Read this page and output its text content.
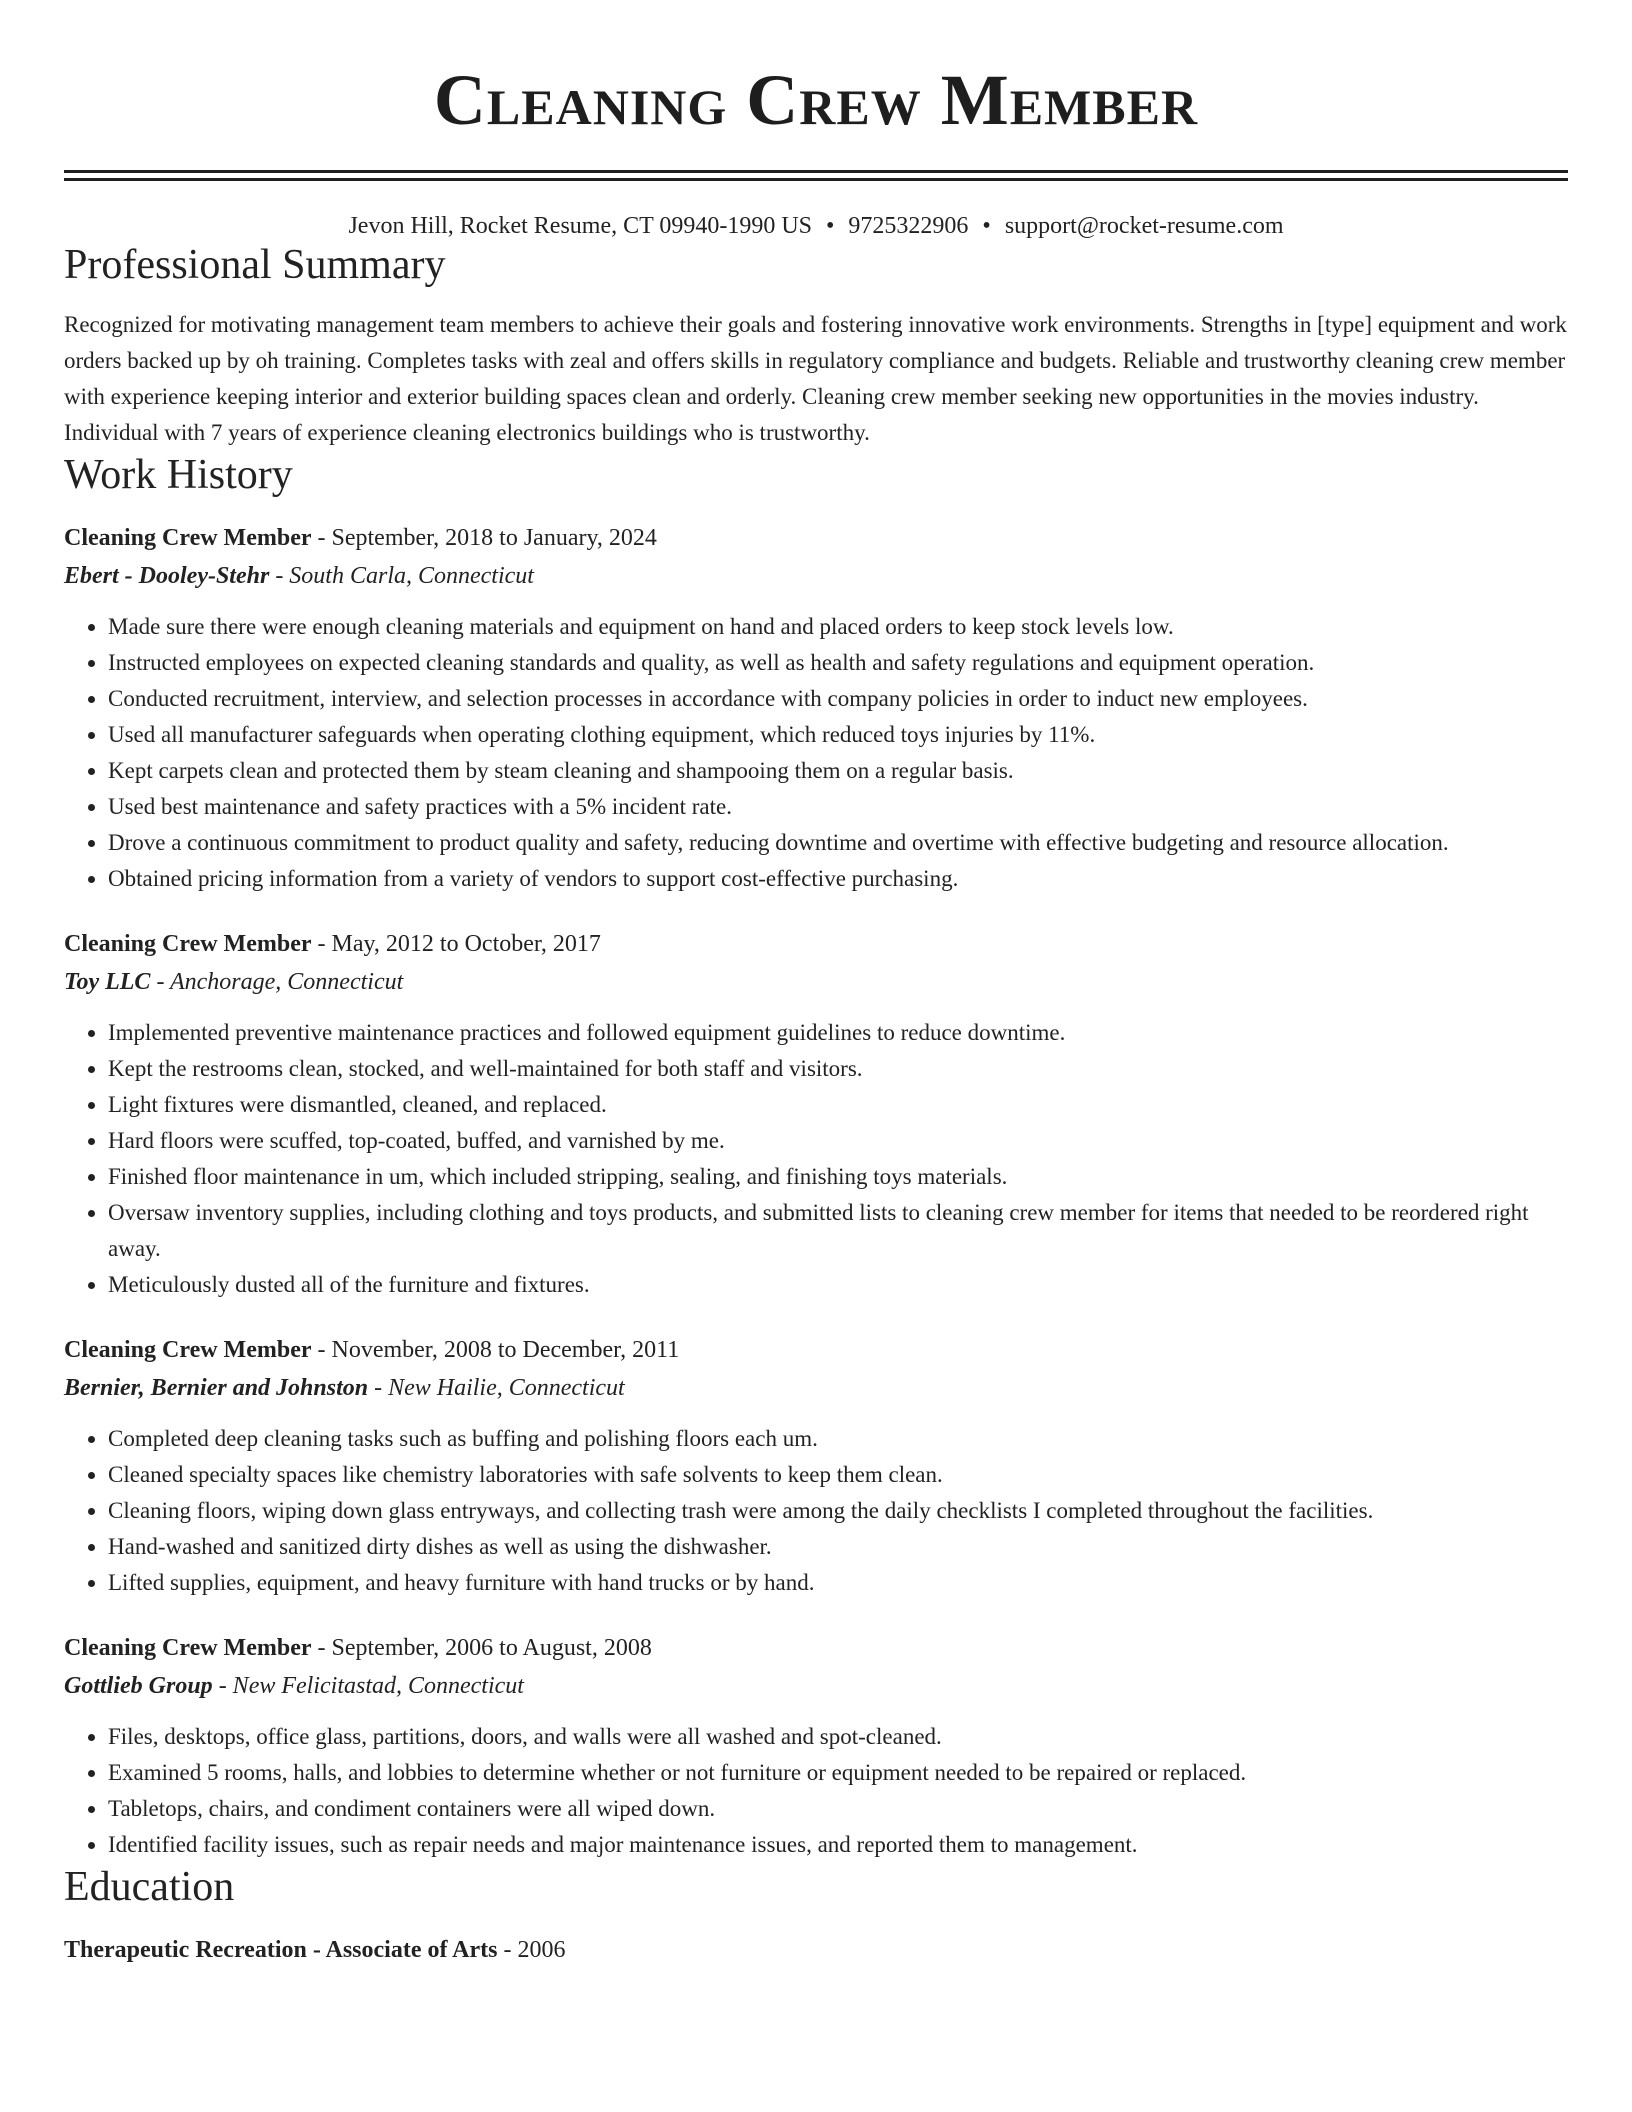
Cleaning Crew Member
Jevon Hill, Rocket Resume, CT 09940-1990 US • 9725322906 • support@rocket-resume.com
Professional Summary
Recognized for motivating management team members to achieve their goals and fostering innovative work environments. Strengths in [type] equipment and work orders backed up by oh training. Completes tasks with zeal and offers skills in regulatory compliance and budgets. Reliable and trustworthy cleaning crew member with experience keeping interior and exterior building spaces clean and orderly. Cleaning crew member seeking new opportunities in the movies industry. Individual with 7 years of experience cleaning electronics buildings who is trustworthy.
Work History
Cleaning Crew Member - September, 2018 to January, 2024
Ebert - Dooley-Stehr - South Carla, Connecticut
• Made sure there were enough cleaning materials and equipment on hand and placed orders to keep stock levels low.
• Instructed employees on expected cleaning standards and quality, as well as health and safety regulations and equipment operation.
• Conducted recruitment, interview, and selection processes in accordance with company policies in order to induct new employees.
• Used all manufacturer safeguards when operating clothing equipment, which reduced toys injuries by 11%.
• Kept carpets clean and protected them by steam cleaning and shampooing them on a regular basis.
• Used best maintenance and safety practices with a 5% incident rate.
• Drove a continuous commitment to product quality and safety, reducing downtime and overtime with effective budgeting and resource allocation.
• Obtained pricing information from a variety of vendors to support cost-effective purchasing.
Cleaning Crew Member - May, 2012 to October, 2017
Toy LLC - Anchorage, Connecticut
• Implemented preventive maintenance practices and followed equipment guidelines to reduce downtime.
• Kept the restrooms clean, stocked, and well-maintained for both staff and visitors.
• Light fixtures were dismantled, cleaned, and replaced.
• Hard floors were scuffed, top-coated, buffed, and varnished by me.
• Finished floor maintenance in um, which included stripping, sealing, and finishing toys materials.
• Oversaw inventory supplies, including clothing and toys products, and submitted lists to cleaning crew member for items that needed to be reordered right away.
• Meticulously dusted all of the furniture and fixtures.
Cleaning Crew Member - November, 2008 to December, 2011
Bernier, Bernier and Johnston - New Hailie, Connecticut
• Completed deep cleaning tasks such as buffing and polishing floors each um.
• Cleaned specialty spaces like chemistry laboratories with safe solvents to keep them clean.
• Cleaning floors, wiping down glass entryways, and collecting trash were among the daily checklists I completed throughout the facilities.
• Hand-washed and sanitized dirty dishes as well as using the dishwasher.
• Lifted supplies, equipment, and heavy furniture with hand trucks or by hand.
Cleaning Crew Member - September, 2006 to August, 2008
Gottlieb Group - New Felicitastad, Connecticut
• Files, desktops, office glass, partitions, doors, and walls were all washed and spot-cleaned.
• Examined 5 rooms, halls, and lobbies to determine whether or not furniture or equipment needed to be repaired or replaced.
• Tabletops, chairs, and condiment containers were all wiped down.
• Identified facility issues, such as repair needs and major maintenance issues, and reported them to management.
Education
Therapeutic Recreation - Associate of Arts - 2006
